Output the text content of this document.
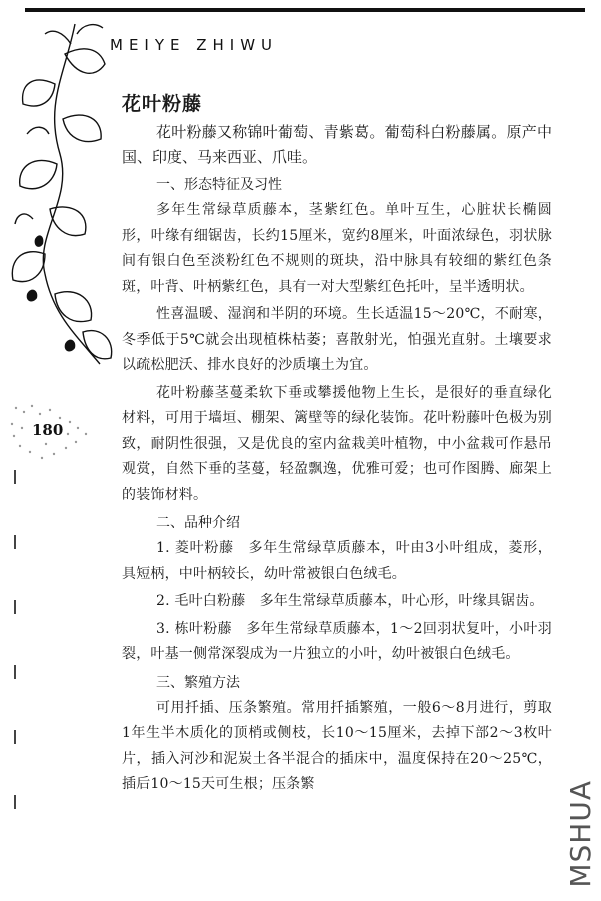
MEIYE ZHIWU
180
花叶粉藤

花叶粉藤又称锦叶葡萄、青紫葛。葡萄科白粉藤属。原产中国、印度、马来西亚、爪哇。

一、形态特征及习性

多年生常绿草质藤本，茎紫红色。单叶互生，心脏状长椭圆形，叶缘有细锯齿，长约15厘米，宽约8厘米，叶面浓绿色，羽状脉间有银白色至淡粉红色不规则的斑块，沿中脉具有较细的紫红色条斑，叶背、叶柄紫红色，具有一对大型紫红色托叶，呈半透明状。

性喜温暖、湿润和半阴的环境。生长适温15～20℃，不耐寒，冬季低于5℃就会出现植株枯萎；喜散射光，怕强光直射。土壤要求以疏松肥沃、排水良好的沙质壤土为宜。

花叶粉藤茎蔓柔软下垂或攀援他物上生长，是很好的垂直绿化材料，可用于墙垣、棚架、篱壁等的绿化装饰。花叶粉藤叶色极为别致，耐阴性很强，又是优良的室内盆栽美叶植物，中小盆栽可作悬吊观赏，自然下垂的茎蔓，轻盈飘逸，优雅可爱；也可作图腾、廊架上的装饰材料。

二、品种介绍

1. 菱叶粉藤　多年生常绿草质藤本，叶由3小叶组成，菱形，具短柄，中叶柄较长，幼叶常被银白色绒毛。

2. 毛叶白粉藤　多年生常绿草质藤本，叶心形，叶缘具锯齿。

3. 栋叶粉藤　多年生常绿草质藤本，1～2回羽状复叶，小叶羽裂，叶基一侧常深裂成为一片独立的小叶，幼叶被银白色绒毛。

三、繁殖方法

可用扦插、压条繁殖。常用扦插繁殖，一般6～8月进行，剪取1年生半木质化的顶梢或侧枝，长10～15厘米，去掉下部2～3枚叶片，插入河沙和泥炭土各半混合的插床中，温度保持在20～25℃，插后10～15天可生根；压条繁	MSHUA
